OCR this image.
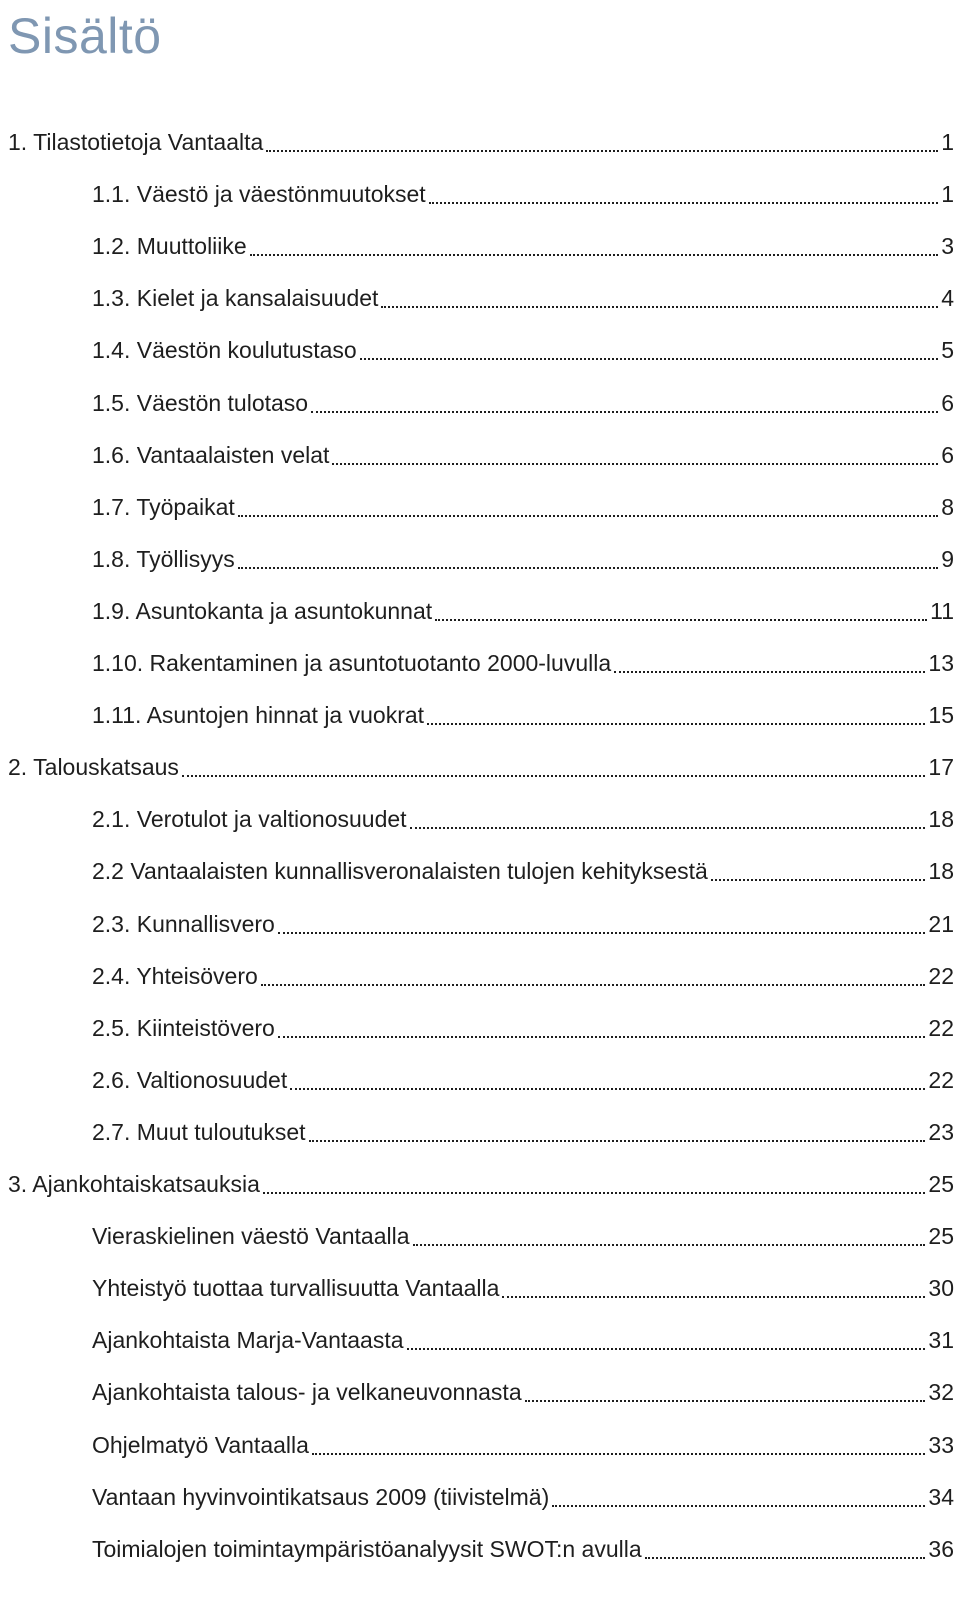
Sisältö
1. Tilastotietoja Vantaalta	1
1.1. Väestö ja väestönmuutokset	1
1.2. Muuttoliike	3
1.3. Kielet ja kansalaisuudet	4
1.4. Väestön koulutustaso	5
1.5. Väestön tulotaso	6
1.6. Vantaalaisten velat	6
1.7. Työpaikat	8
1.8. Työllisyys	9
1.9. Asuntokanta ja asuntokunnat	11
1.10. Rakentaminen ja asuntotuotanto 2000-luvulla	13
1.11. Asuntojen hinnat ja vuokrat	15
2. Talouskatsaus	17
2.1. Verotulot ja valtionosuudet	18
2.2 Vantaalaisten kunnallisveronalaisten tulojen kehityksestä	18
2.3. Kunnallisvero	21
2.4. Yhteisövero	22
2.5. Kiinteistövero	22
2.6. Valtionosuudet	22
2.7. Muut tuloutukset	23
3. Ajankohtaiskatsauksia	25
Vieraskielinen väestö Vantaalla	25
Yhteistyö tuottaa turvallisuutta Vantaalla	30
Ajankohtaista Marja-Vantaasta	31
Ajankohtaista talous- ja velkaneuvonnasta	32
Ohjelmatyö Vantaalla	33
Vantaan hyvinvointikatsaus 2009 (tiivistelmä)	34
Toimialojen toimintaympäristöanalyysit SWOT:n avulla	36
